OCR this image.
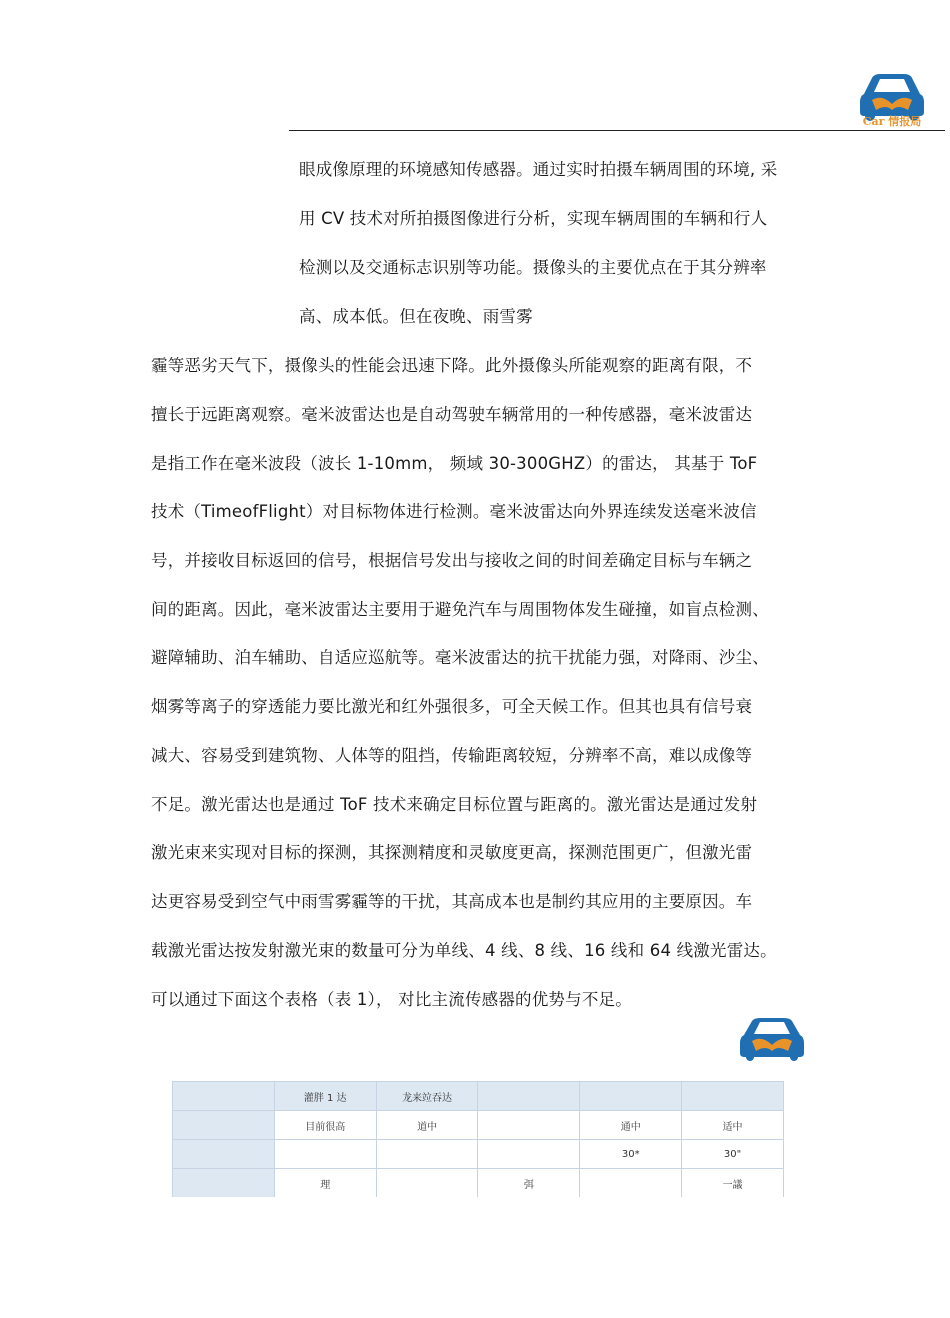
Car 情报局
眼成像原理的环境感知传感器。通过实时拍摄车辆周围的环境, 采
用 CV 技术对所拍摄图像进行分析，实现车辆周围的车辆和行人
检测以及交通标志识别等功能。摄像头的主要优点在于其分辨率
高、成本低。但在夜晚、雨雪雾
霾等恶劣天气下，摄像头的性能会迅速下降。此外摄像头所能观察的距离有限，不
擅长于远距离观察。毫米波雷达也是自动驾驶车辆常用的一种传感器，毫米波雷达
是指工作在毫米波段（波长 1-10mm， 频域 30-300GHZ）的雷达， 其基于 ToF
技术（TimeofFlight）对目标物体进行检测。毫米波雷达向外界连续发送毫米波信
号，并接收目标返回的信号，根据信号发出与接收之间的时间差确定目标与车辆之
间的距离。因此，毫米波雷达主要用于避免汽车与周围物体发生碰撞，如盲点检测、
避障辅助、泊车辅助、自适应巡航等。毫米波雷达的抗干扰能力强，对降雨、沙尘、
烟雾等离子的穿透能力要比激光和红外强很多，可全天候工作。但其也具有信号衰
减大、容易受到建筑物、人体等的阻挡，传输距离较短，分辨率不高，难以成像等
不足。激光雷达也是通过 ToF 技术来确定目标位置与距离的。激光雷达是通过发射
激光束来实现对目标的探测，其探测精度和灵敏度更高，探测范围更广，但激光雷
达更容易受到空气中雨雪雾霾等的干扰，其高成本也是制约其应用的主要原因。车
载激光雷达按发射激光束的数量可分为单线、4 线、8 线、16 线和 64 线激光雷达。
可以通过下面这个表格（表 1）， 对比主流传感器的优势与不足。
	灌胖 1 达	龙来竝吞达			
	目前很高	道中		通中	适中
				30*	30"
	理		弭		一議
